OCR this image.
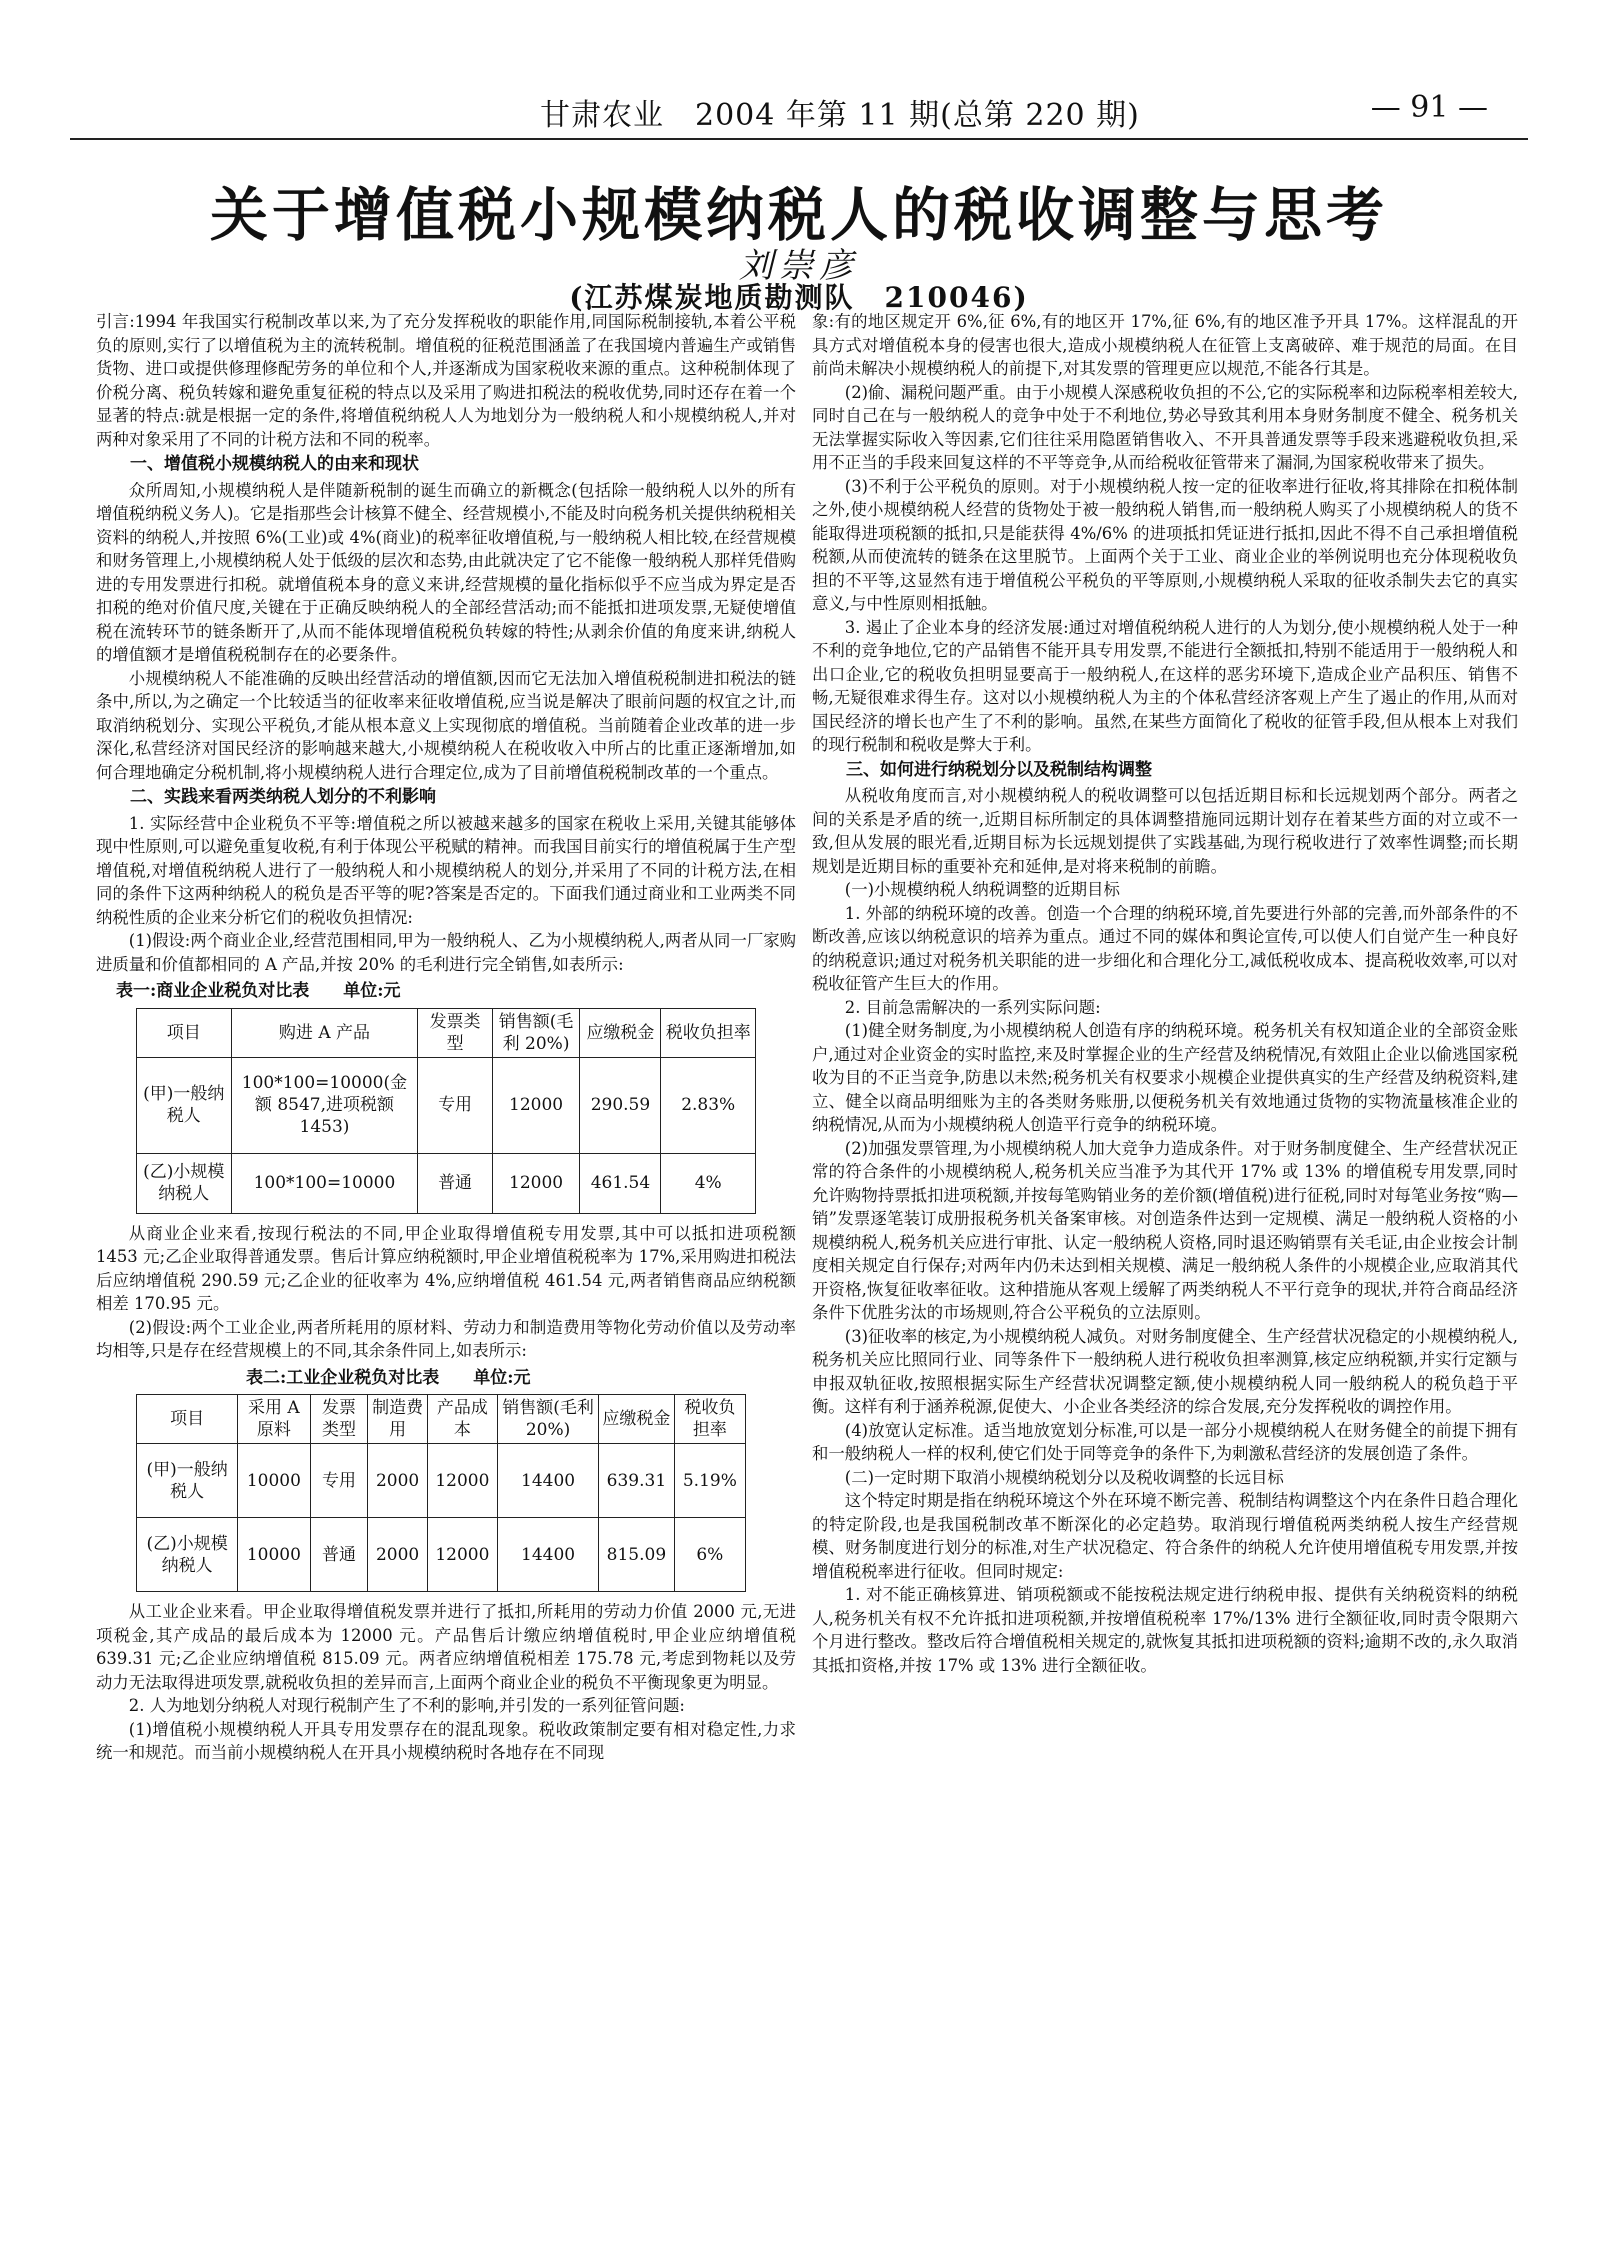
甘肃农业　2004 年第 11 期(总第 220 期)	— 91 —
关于增值税小规模纳税人的税收调整与思考
刘崇彦
(江苏煤炭地质勘测队　210046)

引言:1994 年我国实行税制改革以来,为了充分发挥税收的职能作用,同国际税制接轨,本着公平税负的原则,实行了以增值税为主的流转税制。增值税的征税范围涵盖了在我国境内普遍生产或销售货物、进口或提供修理修配劳务的单位和个人,并逐渐成为国家税收来源的重点。这种税制体现了价税分离、税负转嫁和避免重复征税的特点以及采用了购进扣税法的税收优势,同时还存在着一个显著的特点:就是根据一定的条件,将增值税纳税人人为地划分为一般纳税人和小规模纳税人,并对两种对象采用了不同的计税方法和不同的税率。

一、增值税小规模纳税人的由来和现状

众所周知,小规模纳税人是伴随新税制的诞生而确立的新概念(包括除一般纳税人以外的所有增值税纳税义务人)。它是指那些会计核算不健全、经营规模小,不能及时向税务机关提供纳税相关资料的纳税人,并按照 6%(工业)或 4%(商业)的税率征收增值税,与一般纳税人相比较,在经营规模和财务管理上,小规模纳税人处于低级的层次和态势,由此就决定了它不能像一般纳税人那样凭借购进的专用发票进行扣税。就增值税本身的意义来讲,经营规模的量化指标似乎不应当成为界定是否扣税的绝对价值尺度,关键在于正确反映纳税人的全部经营活动;而不能抵扣进项发票,无疑使增值税在流转环节的链条断开了,从而不能体现增值税税负转嫁的特性;从剥余价值的角度来讲,纳税人的增值额才是增值税税制存在的必要条件。

小规模纳税人不能准确的反映出经营活动的增值额,因而它无法加入增值税税制进扣税法的链条中,所以,为之确定一个比较适当的征收率来征收增值税,应当说是解决了眼前问题的权宜之计,而取消纳税划分、实现公平税负,才能从根本意义上实现彻底的增值税。当前随着企业改革的进一步深化,私营经济对国民经济的影响越来越大,小规模纳税人在税收收入中所占的比重正逐渐增加,如何合理地确定分税机制,将小规模纳税人进行合理定位,成为了目前增值税税制改革的一个重点。

二、实践来看两类纳税人划分的不利影响

1. 实际经营中企业税负不平等:增值税之所以被越来越多的国家在税收上采用,关键其能够体现中性原则,可以避免重复收税,有利于体现公平税赋的精神。而我国目前实行的增值税属于生产型增值税,对增值税纳税人进行了一般纳税人和小规模纳税人的划分,并采用了不同的计税方法,在相同的条件下这两种纳税人的税负是否平等的呢?答案是否定的。下面我们通过商业和工业两类不同纳税性质的企业来分析它们的税收负担情况:

(1)假设:两个商业企业,经营范围相同,甲为一般纳税人、乙为小规模纳税人,两者从同一厂家购进质量和价值都相同的 A 产品,并按 20% 的毛利进行完全销售,如表所示:

表一:商业企业税负对比表　　单位:元
项目	购进 A 产品	发票类型	销售额(毛利 20%)	应缴税金	税收负担率
(甲)一般纳税人	100*100=10000(金额 8547,进项税额 1453)	专用	12000	290.59	2.83%
(乙)小规模纳税人	100*100=10000	普通	12000	461.54	4%

从商业企业来看,按现行税法的不同,甲企业取得增值税专用发票,其中可以抵扣进项税额 1453 元;乙企业取得普通发票。售后计算应纳税额时,甲企业增值税税率为 17%,采用购进扣税法后应纳增值税 290.59 元;乙企业的征收率为 4%,应纳增值税 461.54 元,两者销售商品应纳税额相差 170.95 元。

(2)假设:两个工业企业,两者所耗用的原材料、劳动力和制造费用等物化劳动价值以及劳动率均相等,只是存在经营规模上的不同,其余条件同上,如表所示:

表二:工业企业税负对比表　　单位:元
项目	采用 A 原料	发票类型	制造费用	产品成本	销售额(毛利 20%)	应缴税金	税收负担率
(甲)一般纳税人	10000	专用	2000	12000	14400	639.31	5.19%
(乙)小规模纳税人	10000	普通	2000	12000	14400	815.09	6%

从工业企业来看。甲企业取得增值税发票并进行了抵扣,所耗用的劳动力价值 2000 元,无进项税金,其产成品的最后成本为 12000 元。产品售后计缴应纳增值税时,甲企业应纳增值税 639.31 元;乙企业应纳增值税 815.09 元。两者应纳增值税相差 175.78 元,考虑到物耗以及劳动力无法取得进项发票,就税收负担的差异而言,上面两个商业企业的税负不平衡现象更为明显。

2. 人为地划分纳税人对现行税制产生了不利的影响,并引发的一系列征管问题:

(1)增值税小规模纳税人开具专用发票存在的混乱现象。税收政策制定要有相对稳定性,力求统一和规范。而当前小规模纳税人在开具小规模纳税时各地存在不同现

象:有的地区规定开 6%,征 6%,有的地区开 17%,征 6%,有的地区准予开具 17%。这样混乱的开具方式对增值税本身的侵害也很大,造成小规模纳税人在征管上支离破碎、难于规范的局面。在目前尚未解决小规模纳税人的前提下,对其发票的管理更应以规范,不能各行其是。

(2)偷、漏税问题严重。由于小规模人深感税收负担的不公,它的实际税率和边际税率相差较大,同时自己在与一般纳税人的竞争中处于不利地位,势必导致其利用本身财务制度不健全、税务机关无法掌握实际收入等因素,它们往往采用隐匿销售收入、不开具普通发票等手段来逃避税收负担,采用不正当的手段来回复这样的不平等竞争,从而给税收征管带来了漏洞,为国家税收带来了损失。

(3)不利于公平税负的原则。对于小规模纳税人按一定的征收率进行征收,将其排除在扣税体制之外,使小规模纳税人经营的货物处于被一般纳税人销售,而一般纳税人购买了小规模纳税人的货不能取得进项税额的抵扣,只是能获得 4%/6% 的进项抵扣凭证进行抵扣,因此不得不自己承担增值税税额,从而使流转的链条在这里脱节。上面两个关于工业、商业企业的举例说明也充分体现税收负担的不平等,这显然有违于增值税公平税负的平等原则,小规模纳税人采取的征收杀制失去它的真实意义,与中性原则相抵触。

3. 遏止了企业本身的经济发展:通过对增值税纳税人进行的人为划分,使小规模纳税人处于一种不利的竞争地位,它的产品销售不能开具专用发票,不能进行全额抵扣,特别不能适用于一般纳税人和出口企业,它的税收负担明显要高于一般纳税人,在这样的恶劣环境下,造成企业产品积压、销售不畅,无疑很难求得生存。这对以小规模纳税人为主的个体私营经济客观上产生了遏止的作用,从而对国民经济的增长也产生了不利的影响。虽然,在某些方面简化了税收的征管手段,但从根本上对我们的现行税制和税收是弊大于利。

三、如何进行纳税划分以及税制结构调整

从税收角度而言,对小规模纳税人的税收调整可以包括近期目标和长远规划两个部分。两者之间的关系是矛盾的统一,近期目标所制定的具体调整措施同远期计划存在着某些方面的对立或不一致,但从发展的眼光看,近期目标为长远规划提供了实践基础,为现行税收进行了效率性调整;而长期规划是近期目标的重要补充和延伸,是对将来税制的前瞻。

(一)小规模纳税人纳税调整的近期目标

1. 外部的纳税环境的改善。创造一个合理的纳税环境,首先要进行外部的完善,而外部条件的不断改善,应该以纳税意识的培养为重点。通过不同的媒体和舆论宣传,可以使人们自觉产生一种良好的纳税意识;通过对税务机关职能的进一步细化和合理化分工,减低税收成本、提高税收效率,可以对税收征管产生巨大的作用。

2. 目前急需解决的一系列实际问题:

(1)健全财务制度,为小规模纳税人创造有序的纳税环境。税务机关有权知道企业的全部资金账户,通过对企业资金的实时监控,来及时掌握企业的生产经营及纳税情况,有效阻止企业以偷逃国家税收为目的不正当竞争,防患以未然;税务机关有权要求小规模企业提供真实的生产经营及纳税资料,建立、健全以商品明细账为主的各类财务账册,以便税务机关有效地通过货物的实物流量核准企业的纳税情况,从而为小规模纳税人创造平行竞争的纳税环境。

(2)加强发票管理,为小规模纳税人加大竞争力造成条件。对于财务制度健全、生产经营状况正常的符合条件的小规模纳税人,税务机关应当准予为其代开 17% 或 13% 的增值税专用发票,同时允许购物持票抵扣进项税额,并按每笔购销业务的差价额(增值税)进行征税,同时对每笔业务按“购—销”发票逐笔装订成册报税务机关备案审核。对创造条件达到一定规模、满足一般纳税人资格的小规模纳税人,税务机关应进行审批、认定一般纳税人资格,同时退还购销票有关毛证,由企业按会计制度相关规定自行保存;对两年内仍未达到相关规模、满足一般纳税人条件的小规模企业,应取消其代开资格,恢复征收率征收。这种措施从客观上缓解了两类纳税人不平行竞争的现状,并符合商品经济条件下优胜劣汰的市场规则,符合公平税负的立法原则。

(3)征收率的核定,为小规模纳税人减负。对财务制度健全、生产经营状况稳定的小规模纳税人,税务机关应比照同行业、同等条件下一般纳税人进行税收负担率测算,核定应纳税额,并实行定额与申报双轨征收,按照根据实际生产经营状况调整定额,使小规模纳税人同一般纳税人的税负趋于平衡。这样有利于涵养税源,促使大、小企业各类经济的综合发展,充分发挥税收的调控作用。

(4)放宽认定标准。适当地放宽划分标准,可以是一部分小规模纳税人在财务健全的前提下拥有和一般纳税人一样的权利,使它们处于同等竞争的条件下,为刺激私营经济的发展创造了条件。

(二)一定时期下取消小规模纳税划分以及税收调整的长远目标

这个特定时期是指在纳税环境这个外在环境不断完善、税制结构调整这个内在条件日趋合理化的特定阶段,也是我国税制改革不断深化的必定趋势。取消现行增值税两类纳税人按生产经营规模、财务制度进行划分的标准,对生产状况稳定、符合条件的纳税人允许使用增值税专用发票,并按增值税税率进行征收。但同时规定:

1. 对不能正确核算进、销项税额或不能按税法规定进行纳税申报、提供有关纳税资料的纳税人,税务机关有权不允许抵扣进项税额,并按增值税税率 17%/13% 进行全额征收,同时责令限期六个月进行整改。整改后符合增值税相关规定的,就恢复其抵扣进项税额的资料;逾期不改的,永久取消其抵扣资格,并按 17% 或 13% 进行全额征收。
